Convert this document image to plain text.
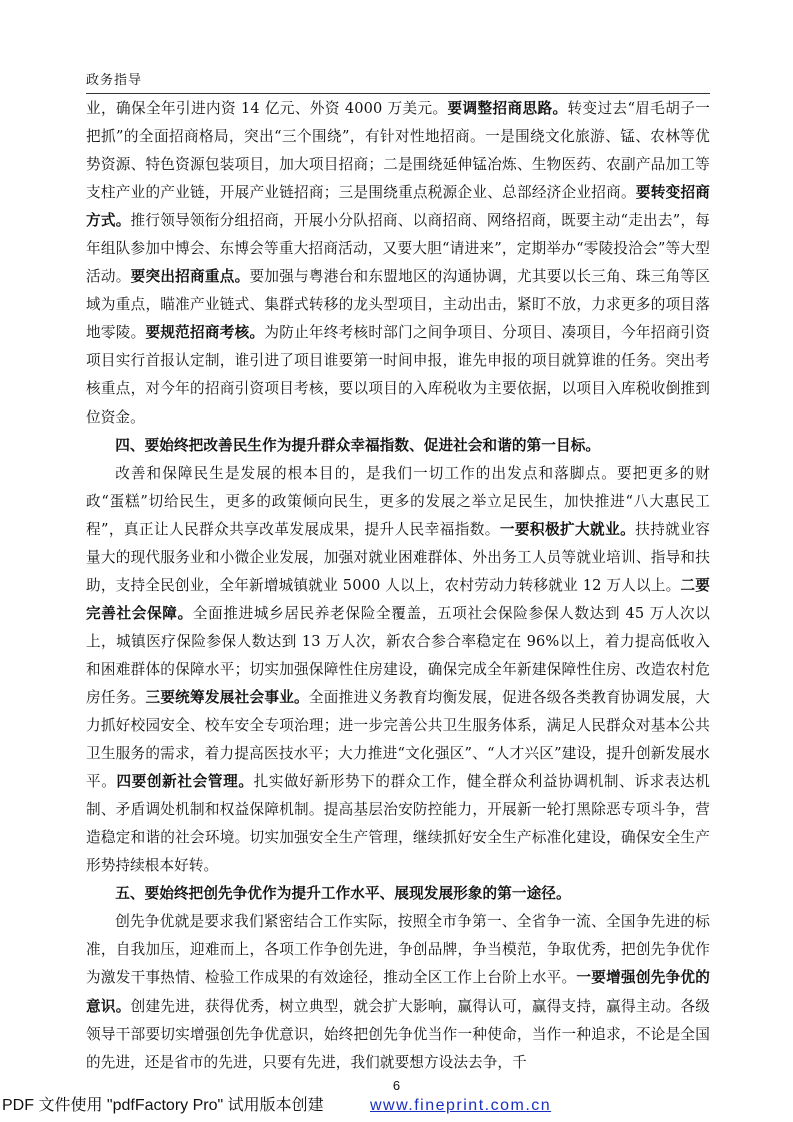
政务指导

业，确保全年引进内资 14 亿元、外资 4000 万美元。要调整招商思路。转变过去“眉毛胡子一把抓”的全面招商格局，突出“三个围绕”，有针对性地招商。一是围绕文化旅游、锰、农林等优势资源、特色资源包装项目，加大项目招商；二是围绕延伸锰冶炼、生物医药、农副产品加工等支柱产业的产业链，开展产业链招商；三是围绕重点税源企业、总部经济企业招商。要转变招商方式。推行领导领衔分组招商，开展小分队招商、以商招商、网络招商，既要主动“走出去”，每年组队参加中博会、东博会等重大招商活动，又要大胆“请进来”，定期举办“零陵投洽会”等大型活动。要突出招商重点。要加强与粤港台和东盟地区的沟通协调，尤其要以长三角、珠三角等区域为重点，瞄准产业链式、集群式转移的龙头型项目，主动出击，紧盯不放，力求更多的项目落地零陵。要规范招商考核。为防止年终考核时部门之间争项目、分项目、凑项目，今年招商引资项目实行首报认定制，谁引进了项目谁要第一时间申报，谁先申报的项目就算谁的任务。突出考核重点，对今年的招商引资项目考核，要以项目的入库税收为主要依据，以项目入库税收倒推到位资金。

四、要始终把改善民生作为提升群众幸福指数、促进社会和谐的第一目标。

改善和保障民生是发展的根本目的，是我们一切工作的出发点和落脚点。要把更多的财政“蛋糕”切给民生，更多的政策倾向民生，更多的发展之举立足民生，加快推进“八大惠民工程”，真正让人民群众共享改革发展成果，提升人民幸福指数。一要积极扩大就业。扶持就业容量大的现代服务业和小微企业发展，加强对就业困难群体、外出务工人员等就业培训、指导和扶助，支持全民创业，全年新增城镇就业 5000 人以上，农村劳动力转移就业 12 万人以上。二要完善社会保障。全面推进城乡居民养老保险全覆盖，五项社会保险参保人数达到 45 万人次以上，城镇医疗保险参保人数达到 13 万人次，新农合参合率稳定在 96%以上，着力提高低收入和困难群体的保障水平；切实加强保障性住房建设，确保完成全年新建保障性住房、改造农村危房任务。三要统筹发展社会事业。全面推进义务教育均衡发展，促进各级各类教育协调发展，大力抓好校园安全、校车安全专项治理；进一步完善公共卫生服务体系，满足人民群众对基本公共卫生服务的需求，着力提高医技水平；大力推进“文化强区”、“人才兴区”建设，提升创新发展水平。四要创新社会管理。扎实做好新形势下的群众工作，健全群众利益协调机制、诉求表达机制、矛盾调处机制和权益保障机制。提高基层治安防控能力，开展新一轮打黑除恶专项斗争，营造稳定和谐的社会环境。切实加强安全生产管理，继续抓好安全生产标准化建设，确保安全生产形势持续根本好转。

五、要始终把创先争优作为提升工作水平、展现发展形象的第一途径。

创先争优就是要求我们紧密结合工作实际，按照全市争第一、全省争一流、全国争先进的标准，自我加压，迎难而上，各项工作争创先进，争创品牌，争当模范，争取优秀，把创先争优作为激发干事热情、检验工作成果的有效途径，推动全区工作上台阶上水平。一要增强创先争优的意识。创建先进，获得优秀，树立典型，就会扩大影响，赢得认可，赢得支持，赢得主动。各级领导干部要切实增强创先争优意识，始终把创先争优当作一种使命，当作一种追求，不论是全国的先进，还是省市的先进，只要有先进，我们就要想方设法去争，千

6
PDF 文件使用 "pdfFactory Pro" 试用版本创建	www.fineprint.com.cn
